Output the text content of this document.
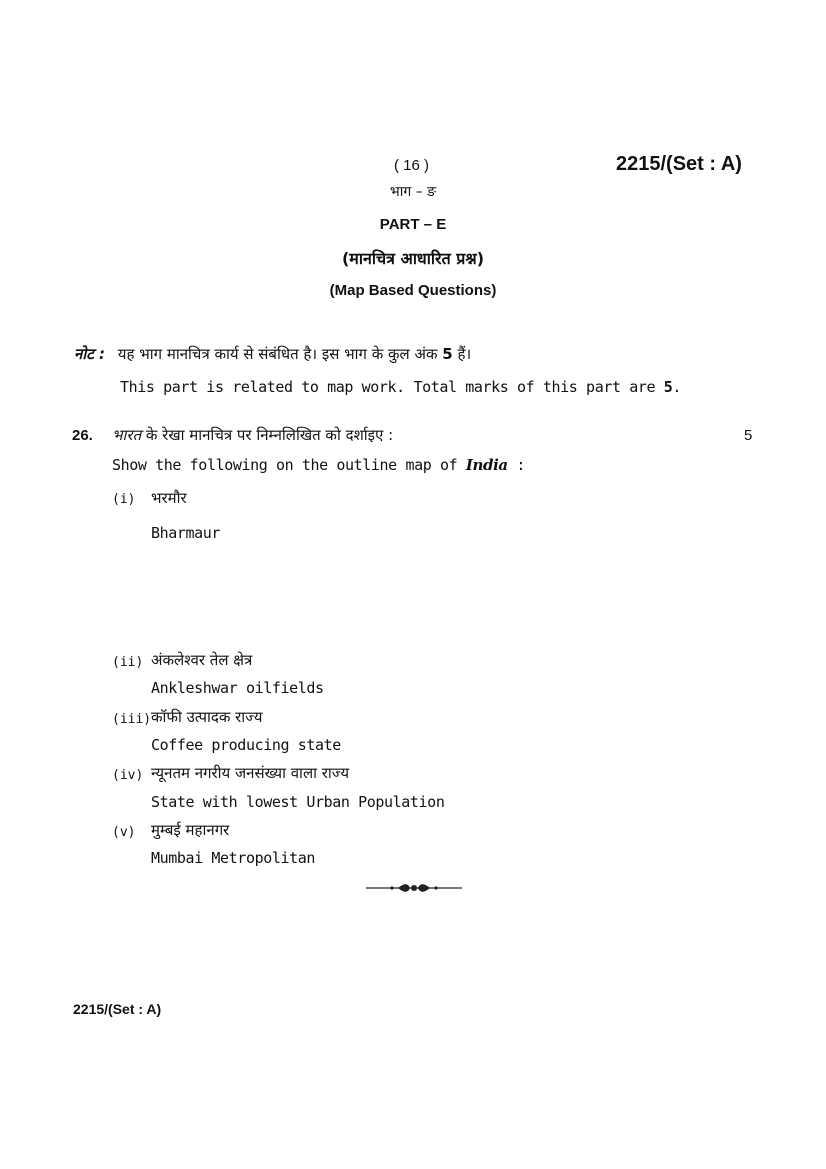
( 16 )	2215/(Set : A)
भाग – ङ
PART – E
(मानचित्र आधारित प्रश्न)
(Map Based Questions)
नोट : यह भाग मानचित्र कार्य से संबंधित है। इस भाग के कुल अंक 5 हैं।
This part is related to map work. Total marks of this part are 5.
26. भारत के रेखा मानचित्र पर निम्नलिखित को दर्शाइए :	5
Show the following on the outline map of India :
(i) भरमौर
Bharmaur
(ii) अंकलेश्वर तेल क्षेत्र
Ankleshwar oilfields
(iii) कॉफी उत्पादक राज्य
Coffee producing state
(iv) न्यूनतम नगरीय जनसंख्या वाला राज्य
State with lowest Urban Population
(v) मुम्बई महानगर
Mumbai Metropolitan
2215/(Set : A)
